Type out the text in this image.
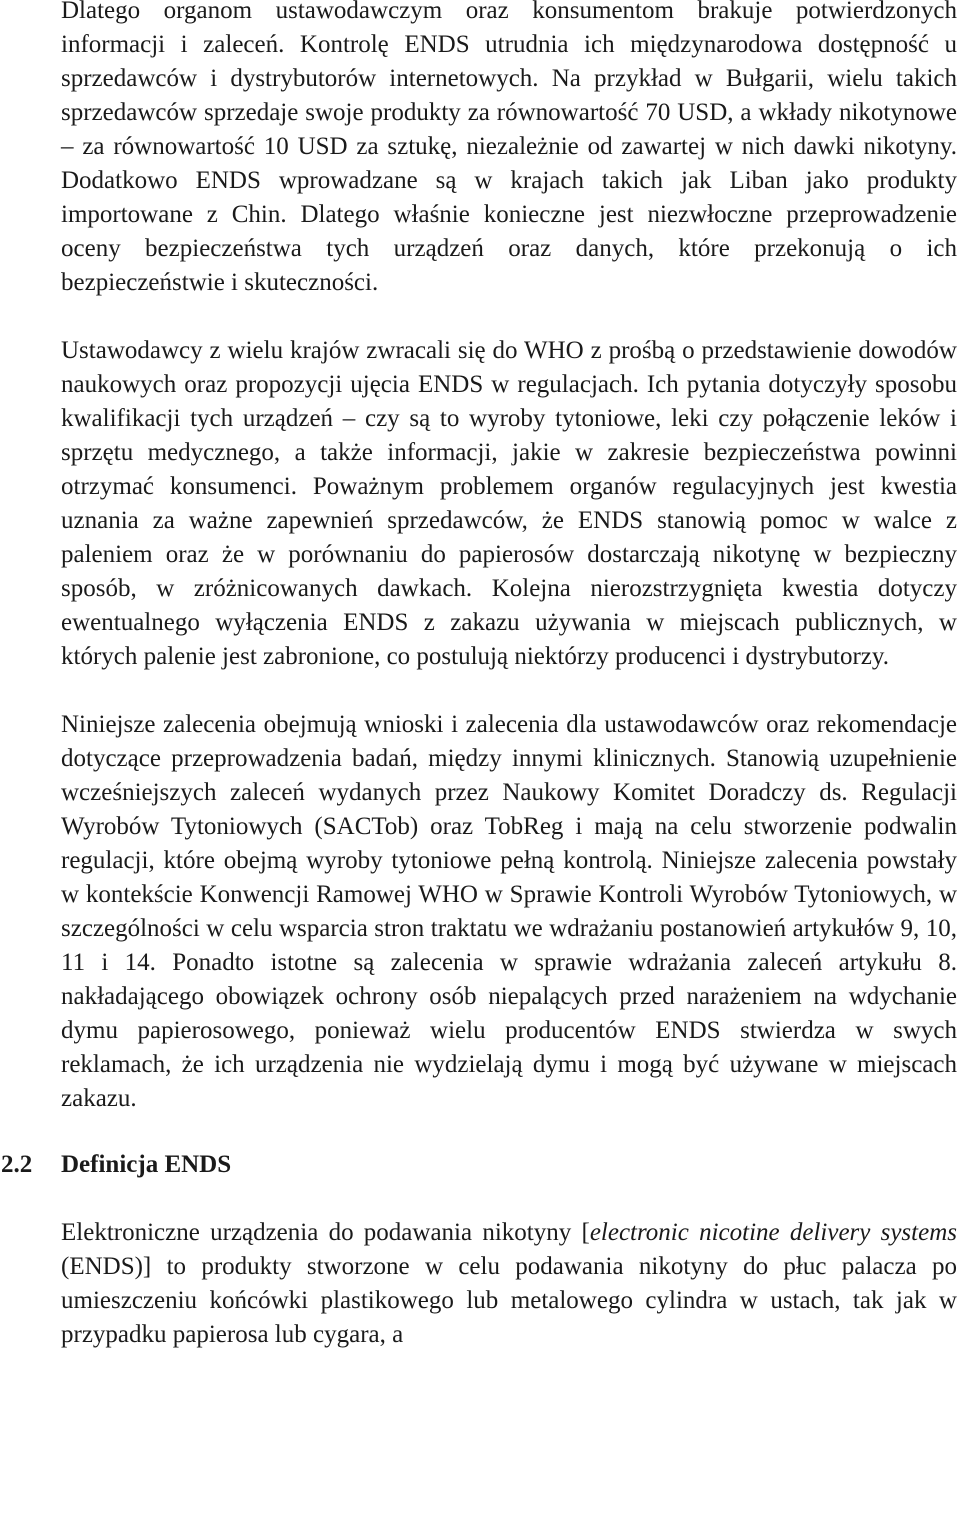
Dlatego organom ustawodawczym oraz konsumentom brakuje potwierdzonych informacji i zaleceń. Kontrolę ENDS utrudnia ich międzynarodowa dostępność u sprzedawców i dystrybutorów internetowych. Na przykład w Bułgarii, wielu takich sprzedawców sprzedaje swoje produkty za równowartość 70 USD, a wkłady nikotynowe – za równowartość 10 USD za sztukę, niezależnie od zawartej w nich dawki nikotyny. Dodatkowo ENDS wprowadzane są w krajach takich jak Liban jako produkty importowane z Chin. Dlatego właśnie konieczne jest niezwłoczne przeprowadzenie oceny bezpieczeństwa tych urządzeń oraz danych, które przekonują o ich bezpieczeństwie i skuteczności.

Ustawodawcy z wielu krajów zwracali się do WHO z prośbą o przedstawienie dowodów naukowych oraz propozycji ujęcia ENDS w regulacjach. Ich pytania dotyczyły sposobu kwalifikacji tych urządzeń – czy są to wyroby tytoniowe, leki czy połączenie leków i sprzętu medycznego, a także informacji, jakie w zakresie bezpieczeństwa powinni otrzymać konsumenci. Poważnym problemem organów regulacyjnych jest kwestia uznania za ważne zapewnień sprzedawców, że ENDS stanowią pomoc w walce z paleniem oraz że w porównaniu do papierosów dostarczają nikotynę w bezpieczny sposób, w zróżnicowanych dawkach. Kolejna nierozstrzygnięta kwestia dotyczy ewentualnego wyłączenia ENDS z zakazu używania w miejscach publicznych, w których palenie jest zabronione, co postulują niektórzy producenci i dystrybutorzy.

Niniejsze zalecenia obejmują wnioski i zalecenia dla ustawodawców oraz rekomendacje dotyczące przeprowadzenia badań, między innymi klinicznych. Stanowią uzupełnienie wcześniejszych zaleceń wydanych przez Naukowy Komitet Doradczy ds. Regulacji Wyrobów Tytoniowych (SACTob) oraz TobReg i mają na celu stworzenie podwalin regulacji, które obejmą wyroby tytoniowe pełną kontrolą. Niniejsze zalecenia powstały w kontekście Konwencji Ramowej WHO w Sprawie Kontroli Wyrobów Tytoniowych, w szczególności w celu wsparcia stron traktatu we wdrażaniu postanowień artykułów 9, 10, 11 i 14. Ponadto istotne są zalecenia w sprawie wdrażania zaleceń artykułu 8. nakładającego obowiązek ochrony osób niepalących przed narażeniem na wdychanie dymu papierosowego, ponieważ wielu producentów ENDS stwierdza w swych reklamach, że ich urządzenia nie wydzielają dymu i mogą być używane w miejscach zakazu.

2.2 Definicja ENDS

Elektroniczne urządzenia do podawania nikotyny [electronic nicotine delivery systems (ENDS)] to produkty stworzone w celu podawania nikotyny do płuc palacza po umieszczeniu końcówki plastikowego lub metalowego cylindra w ustach, tak jak w przypadku papierosa lub cygara, a
